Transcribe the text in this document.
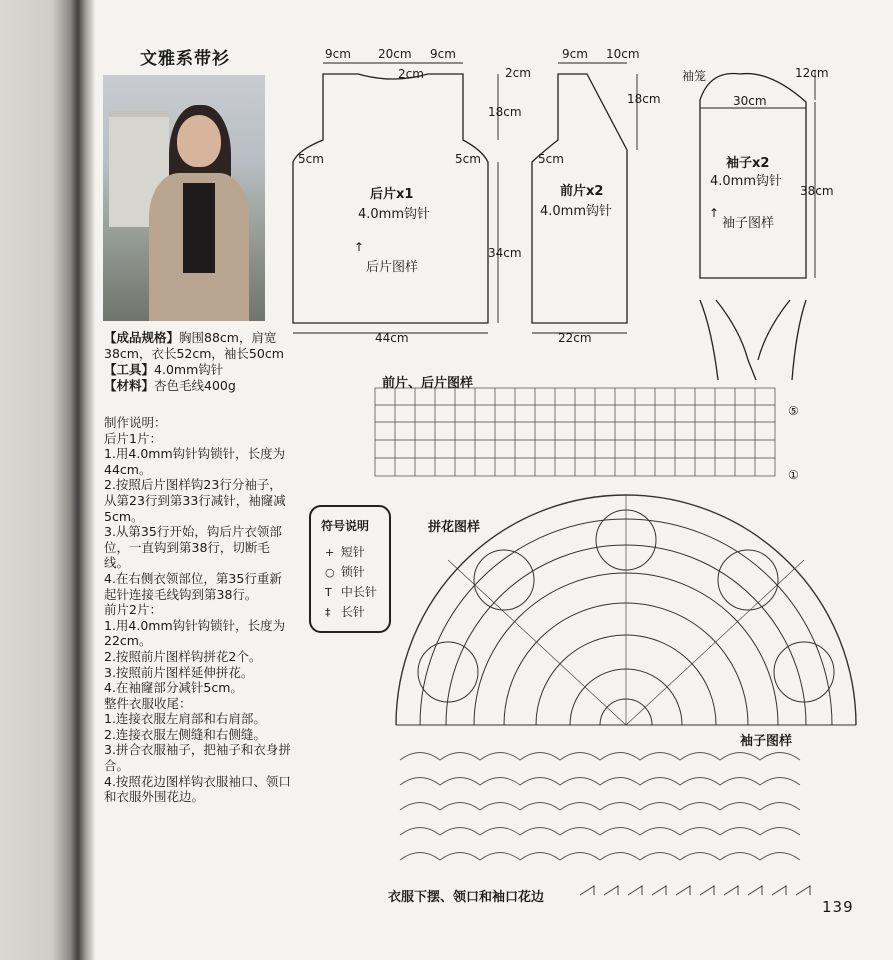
文雅系带衫
【成品规格】胸围88cm，肩宽38cm，衣长52cm，袖长50cm
【工具】4.0mm钩针
【材料】杏色毛线400g
制作说明：
后片1片：
1.用4.0mm钩针钩锁针，长度为44cm。
2.按照后片图样钩23行分袖子，从第23行到第33行减针，袖窿减5cm。
3.从第35行开始，钩后片衣领部位，一直钩到第38行，切断毛线。
4.在右侧衣领部位，第35行重新起针连接毛线钩到第38行。
前片2片：
1.用4.0mm钩针钩锁针，长度为22cm。
2.按照前片图样钩拼花2个。
3.按照前片图样延伸拼花。
4.在袖窿部分减针5cm。
整件衣服收尾：
1.连接衣服左肩部和右肩部。
2.连接衣服左侧缝和右侧缝。
3.拼合衣服袖子，把袖子和衣身拼合。
4.按照花边图样钩衣服袖口、领口和衣服外围花边。
符号说明
+ 短针
○ 锁针
T 中长针
‡ 长针
9cm 20cm 9cm
2cm	2cm
18cm
5cm	5cm
34cm
44cm
后片x1
4.0mm钩针
↑
后片图样
9cm 10cm
18cm
5cm
22cm
前片x2
4.0mm钩针
袖笼	12cm
30cm
38cm
袖子x2
4.0mm钩针
↑
袖子图样
前片、后片图样
⑤
①
拼花图样
袖子图样
衣服下摆、领口和袖口花边
139
